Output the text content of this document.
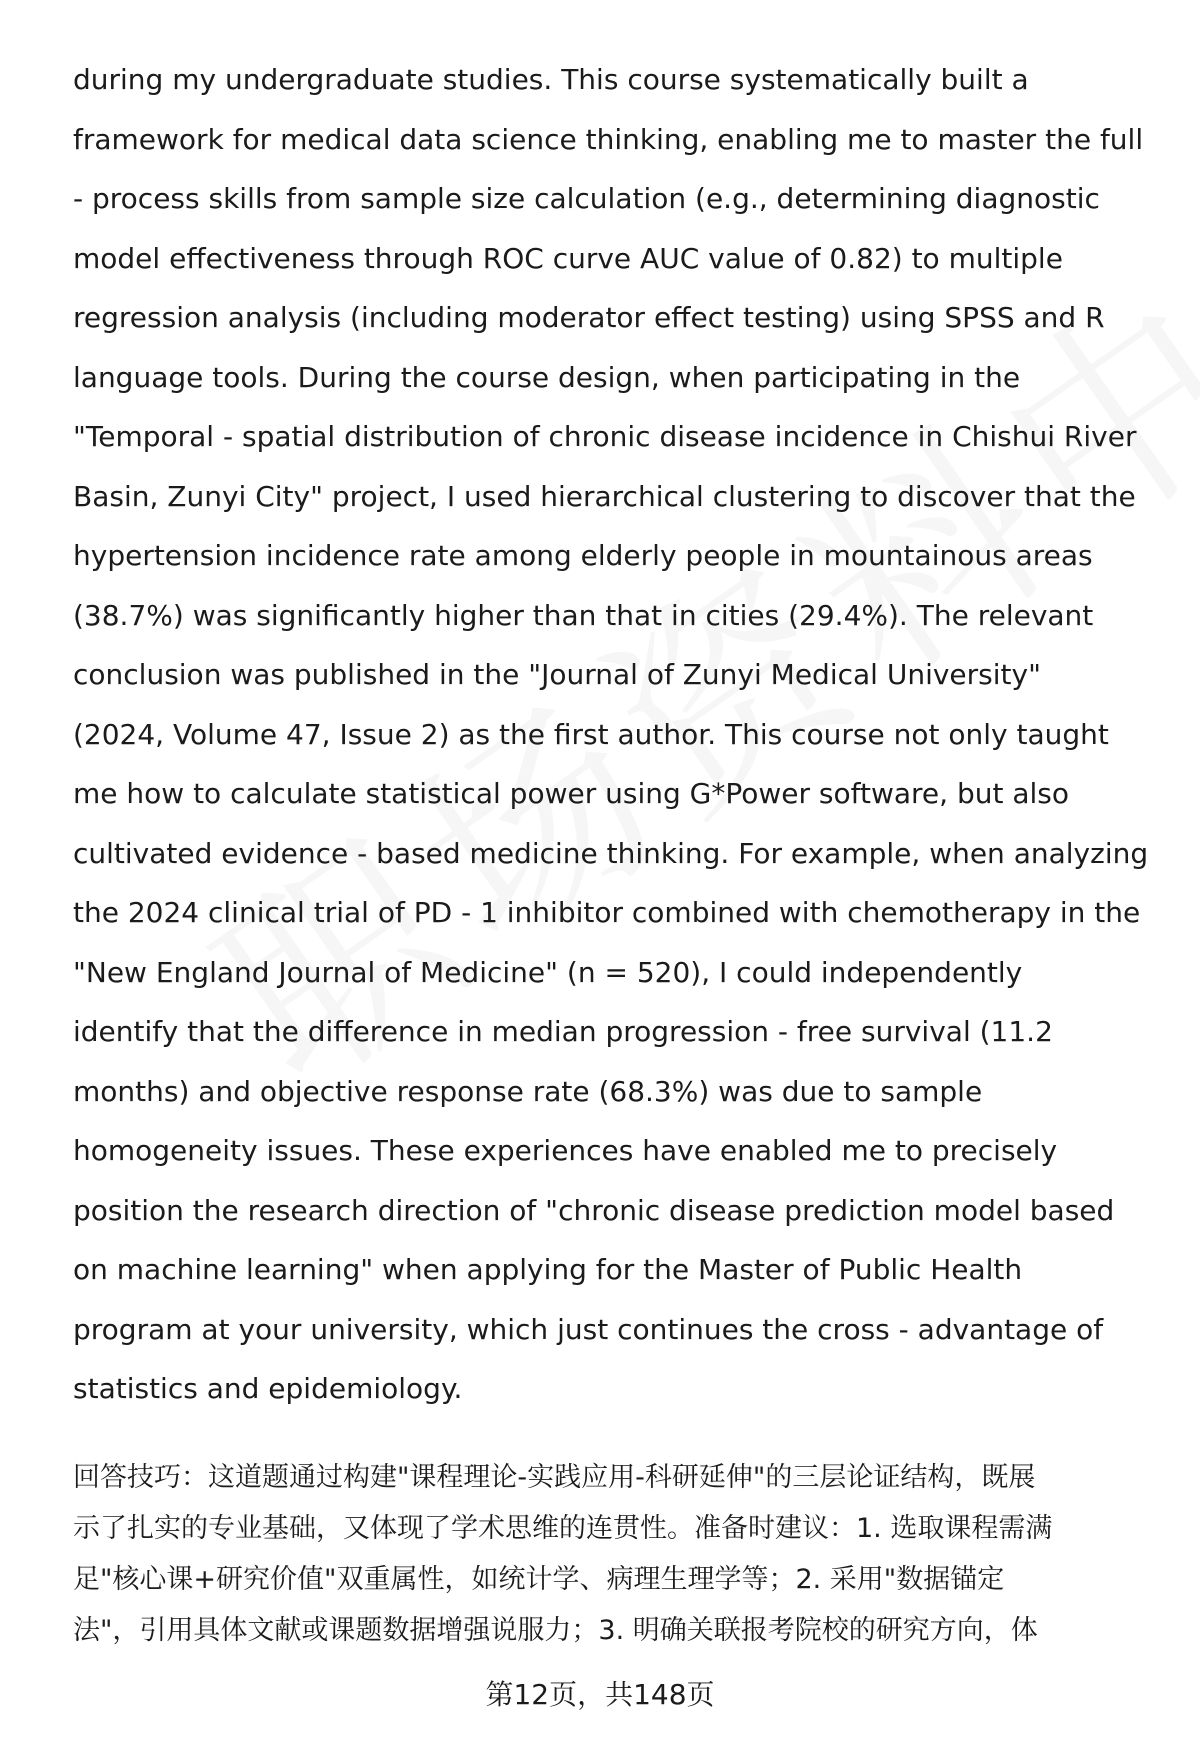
during my undergraduate studies. This course systematically built a
framework for medical data science thinking, enabling me to master the full
- process skills from sample size calculation (e.g., determining diagnostic
model effectiveness through ROC curve AUC value of 0.82) to multiple
regression analysis (including moderator effect testing) using SPSS and R
language tools. During the course design, when participating in the
"Temporal - spatial distribution of chronic disease incidence in Chishui River
Basin, Zunyi City" project, I used hierarchical clustering to discover that the
hypertension incidence rate among elderly people in mountainous areas
(38.7%) was significantly higher than that in cities (29.4%). The relevant
conclusion was published in the "Journal of Zunyi Medical University"
(2024, Volume 47, Issue 2) as the first author. This course not only taught
me how to calculate statistical power using G*Power software, but also
cultivated evidence - based medicine thinking. For example, when analyzing
the 2024 clinical trial of PD - 1 inhibitor combined with chemotherapy in the
"New England Journal of Medicine" (n = 520), I could independently
identify that the difference in median progression - free survival (11.2
months) and objective response rate (68.3%) was due to sample
homogeneity issues. These experiences have enabled me to precisely
position the research direction of "chronic disease prediction model based
on machine learning" when applying for the Master of Public Health
program at your university, which just continues the cross - advantage of
statistics and epidemiology.
回答技巧：这道题通过构建"课程理论-实践应用-科研延伸"的三层论证结构，既展
示了扎实的专业基础，又体现了学术思维的连贯性。准备时建议：1. 选取课程需满
足"核心课+研究价值"双重属性，如统计学、病理生理学等；2. 采用"数据锚定
法"，引用具体文献或课题数据增强说服力；3. 明确关联报考院校的研究方向，体
第12页，共148页
